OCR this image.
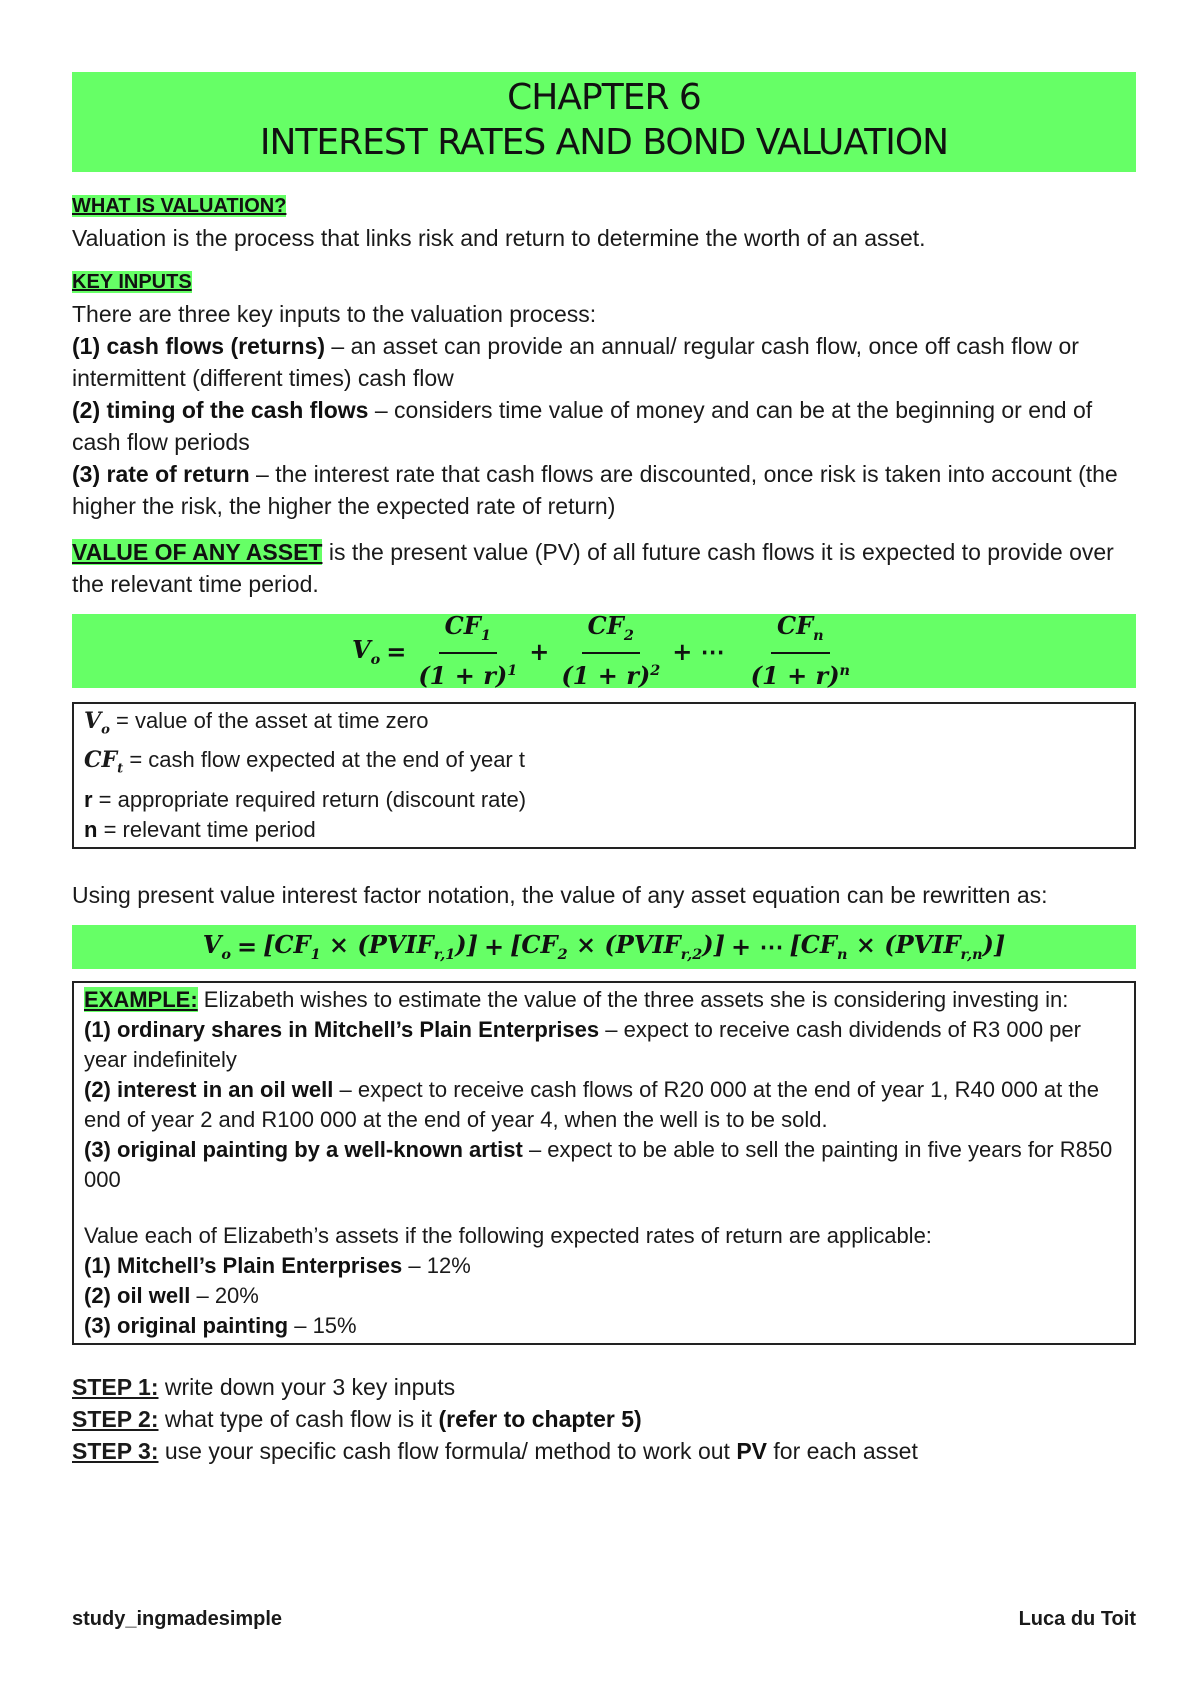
CHAPTER 6
INTEREST RATES AND BOND VALUATION
WHAT IS VALUATION?
Valuation is the process that links risk and return to determine the worth of an asset.
KEY INPUTS
There are three key inputs to the valuation process:
(1) cash flows (returns) – an asset can provide an annual/ regular cash flow, once off cash flow or intermittent (different times) cash flow
(2) timing of the cash flows – considers time value of money and can be at the beginning or end of cash flow periods
(3) rate of return – the interest rate that cash flows are discounted, once risk is taken into account (the higher the risk, the higher the expected rate of return)
VALUE OF ANY ASSET is the present value (PV) of all future cash flows it is expected to provide over the relevant time period.
$V_o = \frac{CF_1}{(1 + r)^1} + \frac{CF_2}{(1 + r)^2}$ + ⋯ $\frac{CF_n}{(1 + r)^n}$
$V_o$ = value of the asset at time zero
$CF_t$ = cash flow expected at the end of year t
r = appropriate required return (discount rate)
n = relevant time period
Using present value interest factor notation, the value of any asset equation can be rewritten as:
$V_o = [CF_1$ × $(PVIF_{r,1})] + [CF_2$ × $(PVIF_{r,2})$] + ⋯ [$CF_n$ × $(PVIF_{r,n})$]
EXAMPLE: Elizabeth wishes to estimate the value of the three assets she is considering investing in:
(1) ordinary shares in Mitchell’s Plain Enterprises – expect to receive cash dividends of R3 000 per year indefinitely
(2) interest in an oil well – expect to receive cash flows of R20 000 at the end of year 1, R40 000 at the end of year 2 and R100 000 at the end of year 4, when the well is to be sold.
(3) original painting by a well-known artist – expect to be able to sell the painting in five years for R850 000
Value each of Elizabeth’s assets if the following expected rates of return are applicable:
(1) Mitchell’s Plain Enterprises – 12%
(2) oil well – 20%
(3) original painting – 15%
STEP 1: write down your 3 key inputs
STEP 2: what type of cash flow is it (refer to chapter 5)
STEP 3: use your specific cash flow formula/ method to work out PV for each asset
study_ingmadesimple	Luca du Toit
